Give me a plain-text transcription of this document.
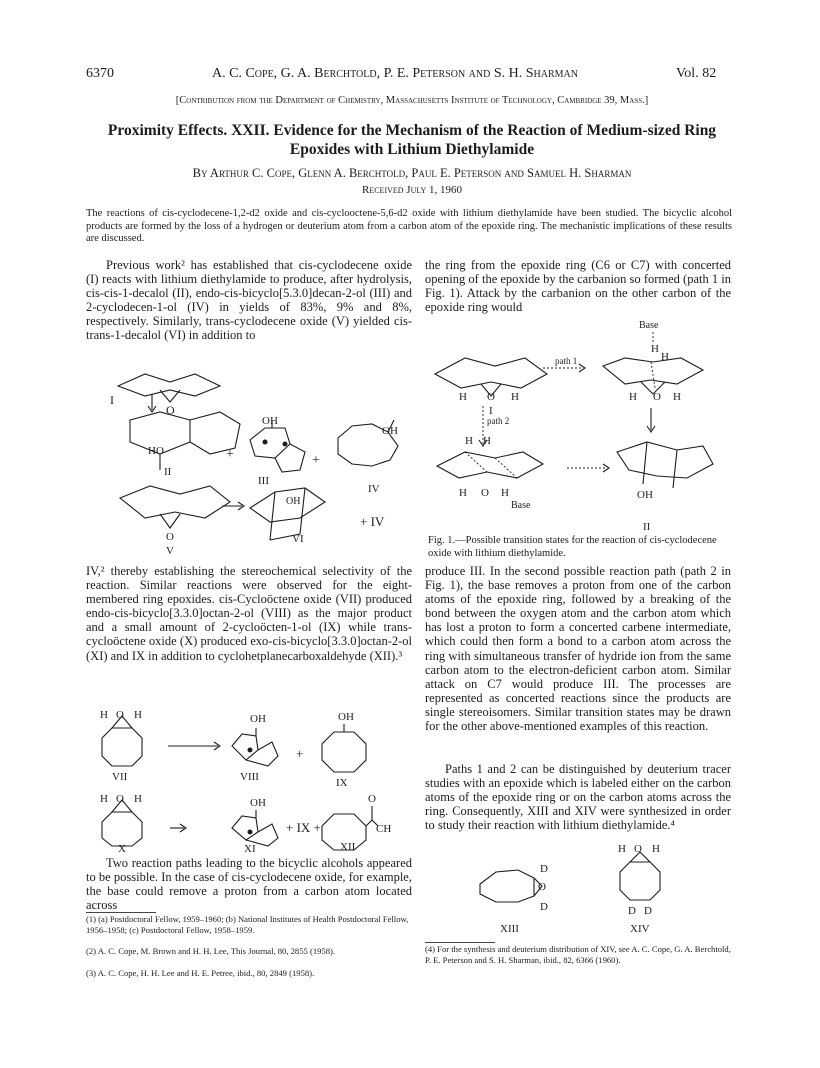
6370	A. C. Cope, G. A. Berchtold, P. E. Peterson and S. H. Sharman	Vol. 82
[Contribution from the Department of Chemistry, Massachusetts Institute of Technology, Cambridge 39, Mass.]
Proximity Effects. XXII. Evidence for the Mechanism of the Reaction of Medium-sized Ring Epoxides with Lithium Diethylamide
By Arthur C. Cope, Glenn A. Berchtold, Paul E. Peterson and Samuel H. Sharman
Received July 1, 1960
The reactions of cis-cyclodecene-1,2-d2 oxide and cis-cyclooctene-5,6-d2 oxide with lithium diethylamide have been studied. The bicyclic alcohol products are formed by the loss of a hydrogen or deuterium atom from a carbon atom of the epoxide ring. The mechanistic implications of these results are discussed.
Previous work² has established that cis-cyclodecene oxide (I) reacts with lithium diethylamide to produce, after hydrolysis, cis-cis-1-decalol (II), endo-cis-bicyclo[5.3.0]decan-2-ol (III) and 2-cyclodecen-1-ol (IV) in yields of 83%, 9% and 8%, respectively. Similarly, trans-cyclodecene oxide (V) yielded cis-trans-1-decalol (VI) in addition to
IV,² thereby establishing the stereochemical selectivity of the reaction. Similar reactions were observed for the eight-membered ring epoxides. cis-Cycloöctene oxide (VII) produced endo-cis-bicyclo[3.3.0]octan-2-ol (VIII) as the major product and a small amount of 2-cycloöcten-1-ol (IX) while trans-cycloöctene oxide (X) produced exo-cis-bicyclo[3.3.0]octan-2-ol (XI) and IX in addition to cyclohetplanecarboxaldehyde (XII).³
Two reaction paths leading to the bicyclic alcohols appeared to be possible. In the case of cis-cyclodecene oxide, for example, the base could remove a proton from a carbon atom located across
(1) (a) Postdoctoral Fellow, 1959–1960; (b) National Institutes of Health Postdoctoral Fellow, 1956–1958; (c) Postdoctoral Fellow, 1958–1959.
(2) A. C. Cope, M. Brown and H. H. Lee, This Journal, 80, 2855 (1958).
(3) A. C. Cope, H. H. Lee and H. E. Petree, ibid., 80, 2849 (1958).
the ring from the epoxide ring (C6 or C7) with concerted opening of the epoxide by the carbanion so formed (path 1 in Fig. 1). Attack by the carbanion on the other carbon of the epoxide ring would
Fig. 1.—Possible transition states for the reaction of cis-cyclodecene oxide with lithium diethylamide.
produce III. In the second possible reaction path (path 2 in Fig. 1), the base removes a proton from one of the carbon atoms of the epoxide ring, followed by a breaking of the bond between the oxygen atom and the carbon atom which has lost a proton to form a concerted carbene intermediate, which could then form a bond to a carbon atom across the ring with simultaneous transfer of hydride ion from the same carbon atom to the electron-deficient carbon atom. Similar attack on C7 would produce III. The processes are represented as concerted reactions since the products are single stereoisomers. Similar transition states may be drawn for the other above-mentioned examples of this reaction.
Paths 1 and 2 can be distinguished by deuterium tracer studies with an epoxide which is labeled either on the carbon atoms of the epoxide ring or on the carbon atoms across the ring. Consequently, XIII and XIV were synthesized in order to study their reaction with lithium diethylamide.⁴
(4) For the synthesis and deuterium distribution of XIV, see A. C. Cope, G. A. Berchtold, P. E. Peterson and S. H. Sharman, ibid., 82, 6366 (1960).
I
O
HO
II
+
OH
III
+
OH
IV
O
V
OH
VI
+ IV
H O H
VII
OH
VIII
+
OH
IX
H O H
X
OH
XI
+ IX +
O
CH
XII
Base
H
H
H O H
I
path 1
H O H
path 2
H H
H O H
Base
OH
II
D
O
D
XIII
H O H
D D
XIV
